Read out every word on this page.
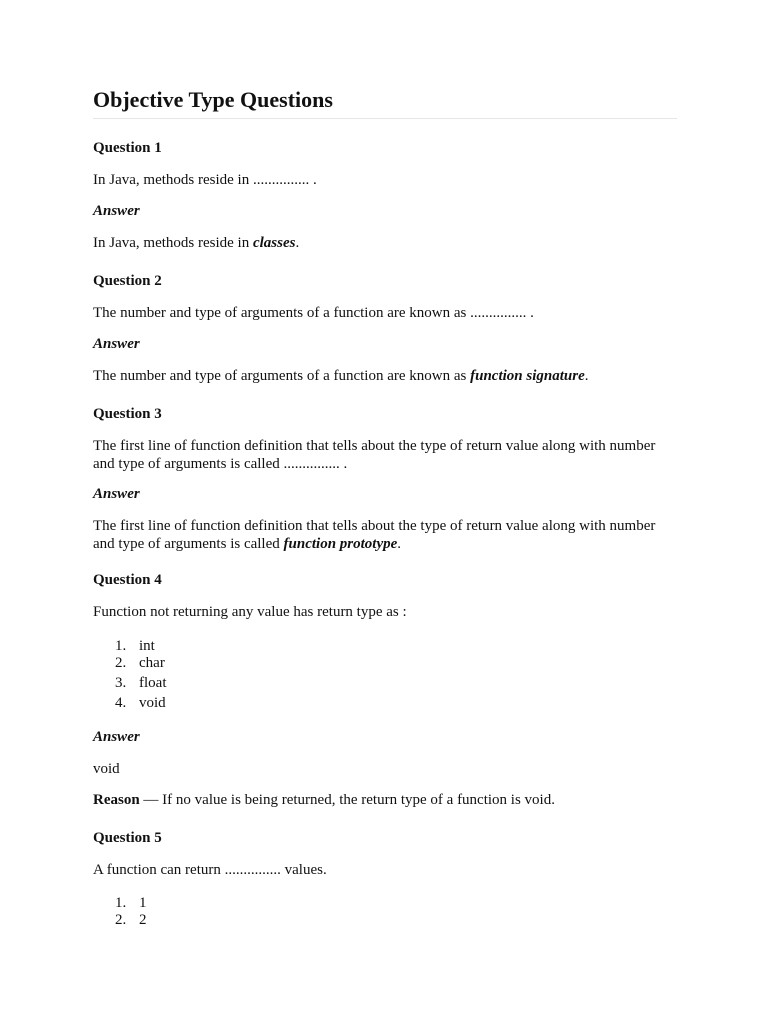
Objective Type Questions

Question 1

In Java, methods reside in ............... .

Answer

In Java, methods reside in classes.

Question 2

The number and type of arguments of a function are known as ............... .

Answer

The number and type of arguments of a function are known as function signature.

Question 3

The first line of function definition that tells about the type of return value along with number and type of arguments is called ............... .

Answer

The first line of function definition that tells about the type of return value along with number and type of arguments is called function prototype.

Question 4

Function not returning any value has return type as :

1. int
2. char
3. float
4. void

Answer

void

Reason — If no value is being returned, the return type of a function is void.

Question 5

A function can return ............... values.

1. 1
2. 2
